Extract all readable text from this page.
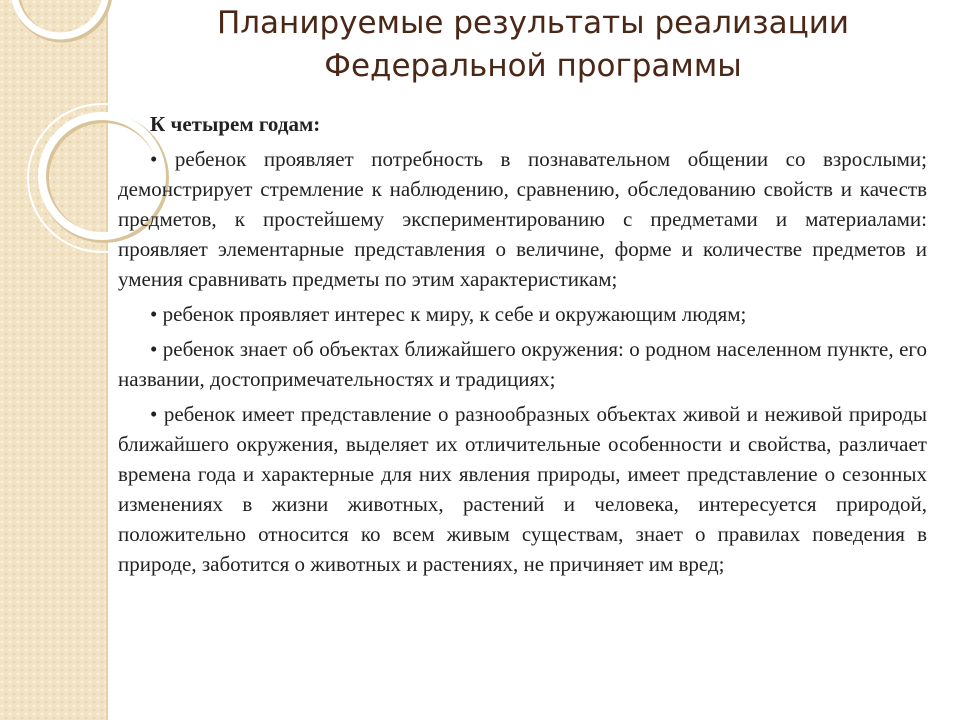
Планируемые результаты реализации
Федеральной программы

К четырем годам:

• ребенок проявляет потребность в познавательном общении со взрослыми; демонстрирует стремление к наблюдению, сравнению, обследованию свойств и качеств предметов, к простейшему экспериментированию с предметами и материалами: проявляет элементарные представления о величине, форме и количестве предметов и умения сравнивать предметы по этим характеристикам;

• ребенок проявляет интерес к миру, к себе и окружающим людям;

• ребенок знает об объектах ближайшего окружения: о родном населенном пункте, его названии, достопримечательностях и традициях;

• ребенок имеет представление о разнообразных объектах живой и неживой природы ближайшего окружения, выделяет их отличительные особенности и свойства, различает времена года и характерные для них явления природы, имеет представление о сезонных изменениях в жизни животных, растений и человека, интересуется природой, положительно относится ко всем живым существам, знает о правилах поведения в природе, заботится о животных и растениях, не причиняет им вред;
